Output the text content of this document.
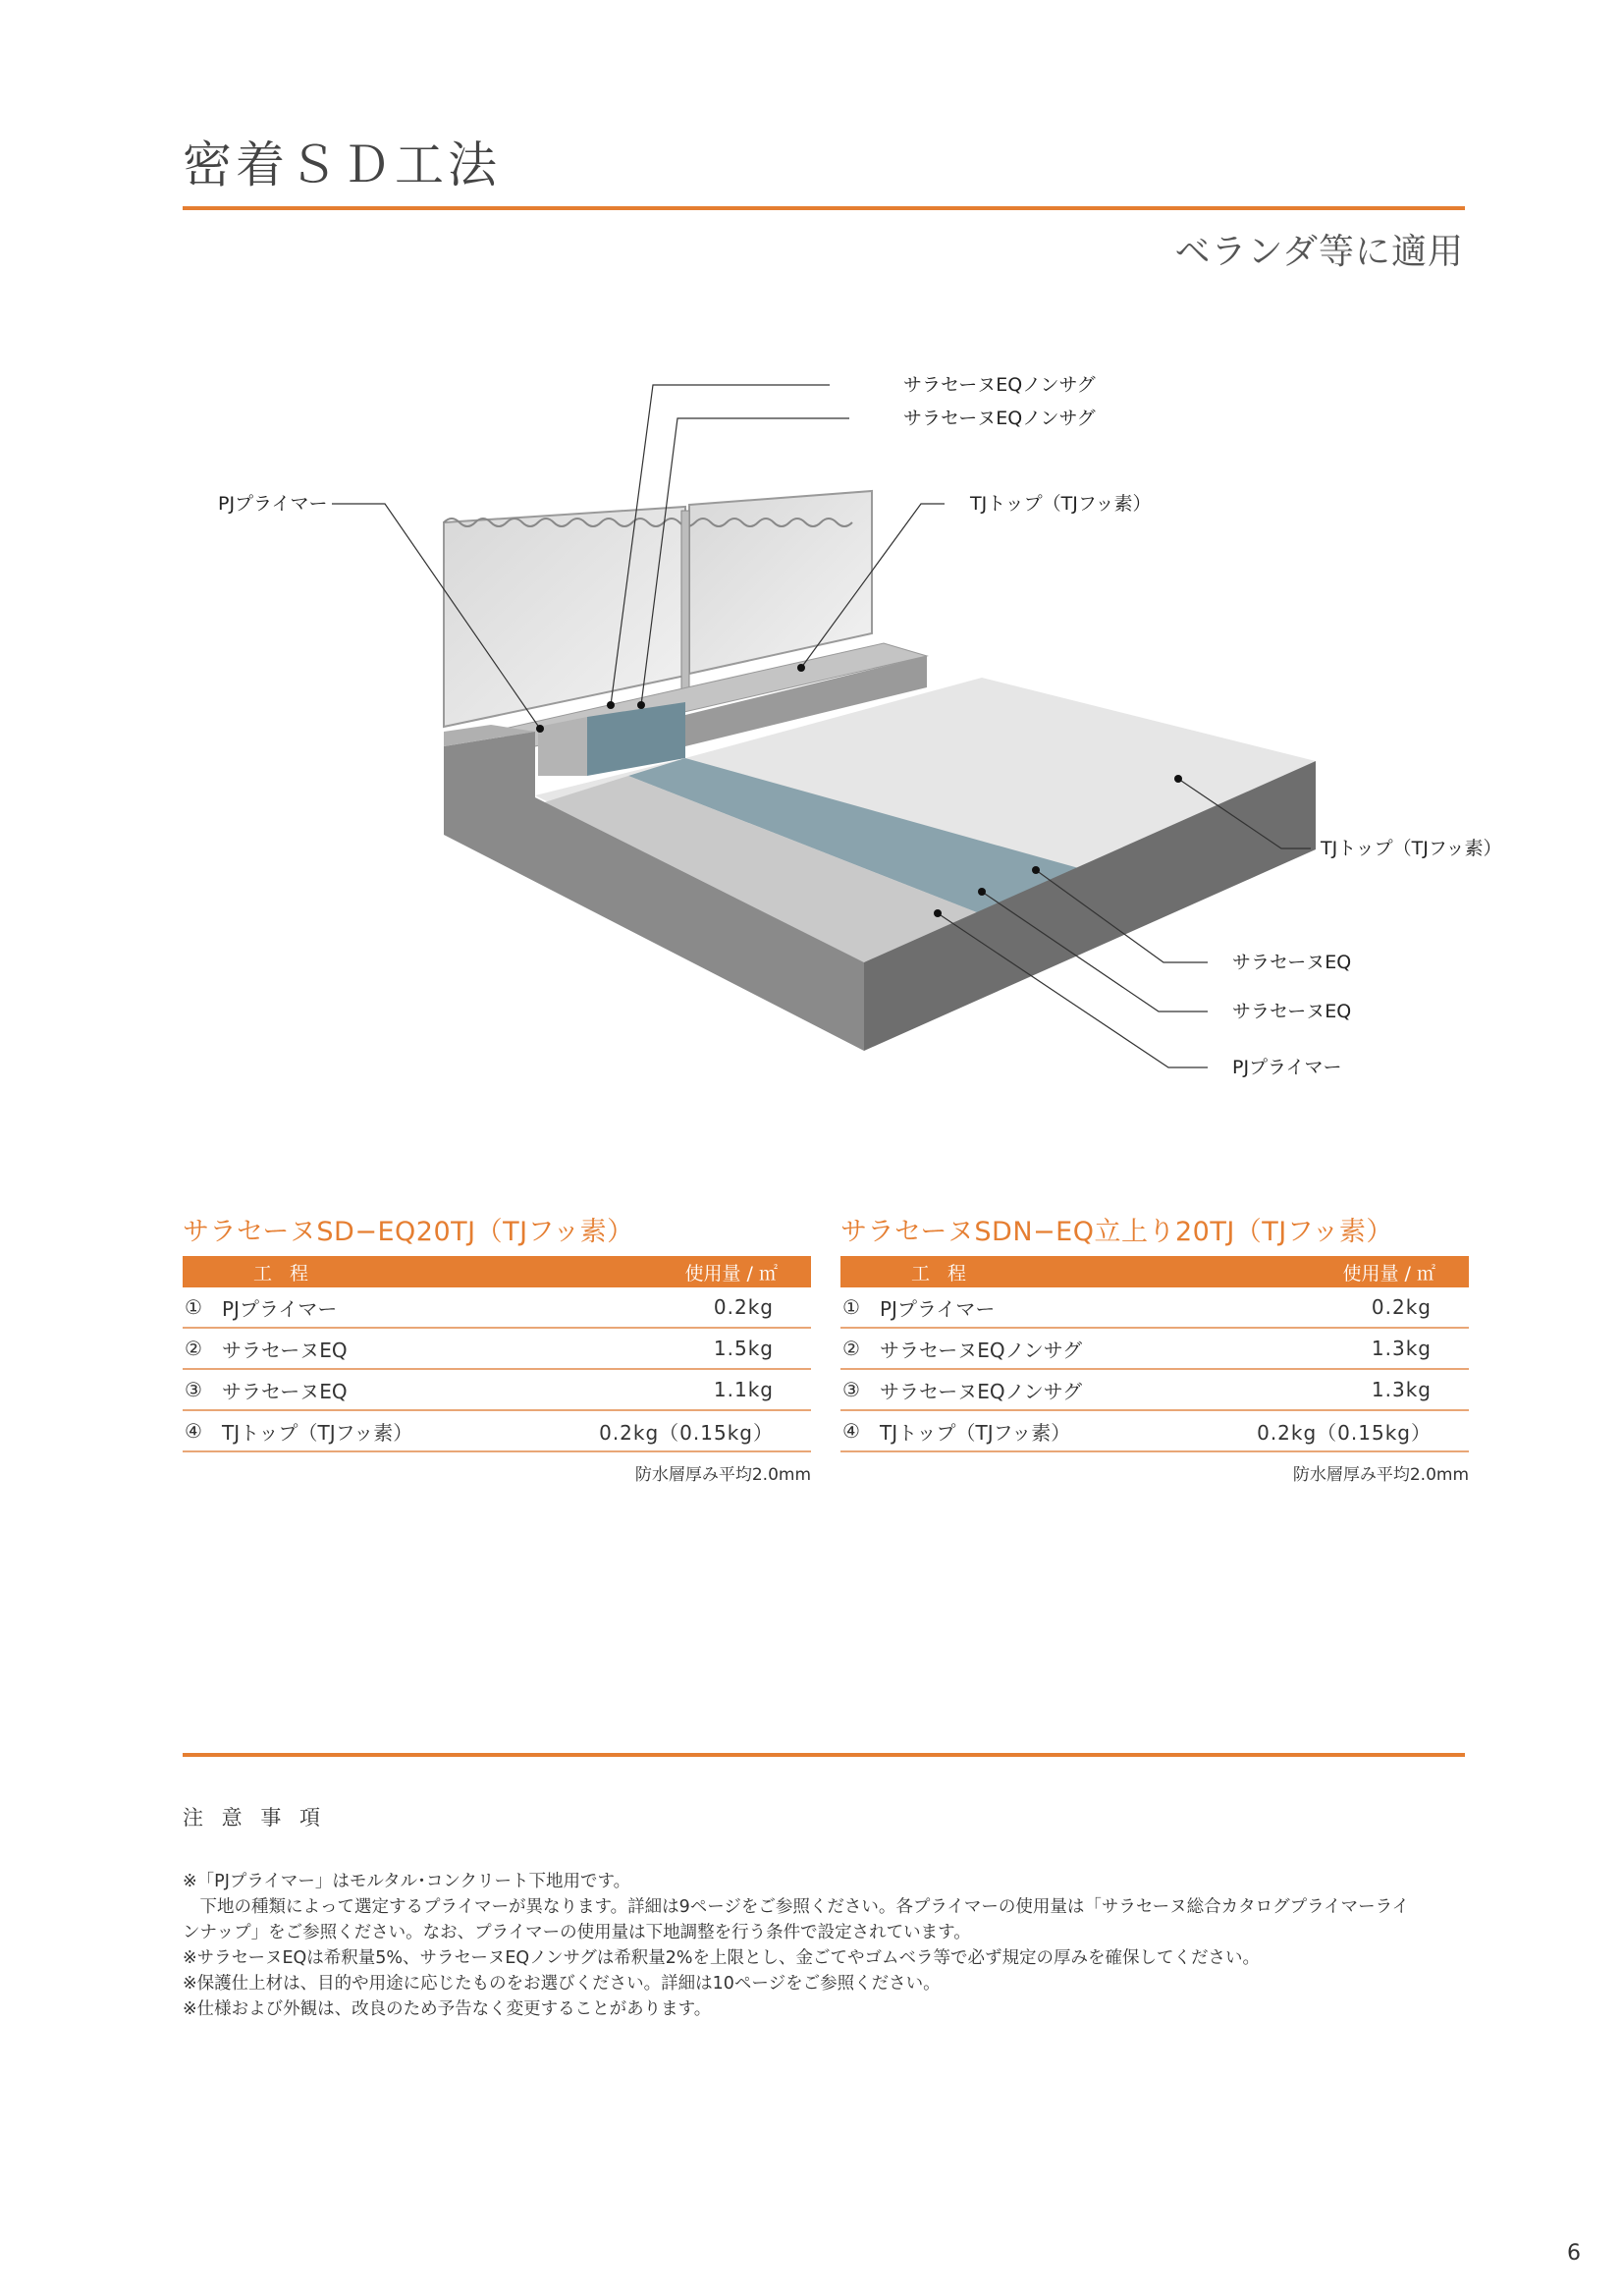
密着ＳＤ工法
ベランダ等に適用
サラセーヌEQノンサグ
サラセーヌEQノンサグ
PJプライマー	TJトップ（TJフッ素）
TJトップ（TJフッ素）
サラセーヌEQ
サラセーヌEQ
PJプライマー
サラセーヌSD−EQ20TJ（TJフッ素）
工 程	使用量 / ㎡
①	PJプライマー	0.2kg
②	サラセーヌEQ	1.5kg
③	サラセーヌEQ	1.1kg
④	TJトップ（TJフッ素）	0.2kg（0.15kg）
防水層厚み平均2.0mm
サラセーヌSDN−EQ立上り20TJ（TJフッ素）
工 程	使用量 / ㎡
①	PJプライマー	0.2kg
②	サラセーヌEQノンサグ	1.3kg
③	サラセーヌEQノンサグ	1.3kg
④	TJトップ（TJフッ素）	0.2kg（0.15kg）
防水層厚み平均2.0mm
注 意 事 項

※「PJプライマー」はモルタル･コンクリート下地用です。

　下地の種類によって選定するプライマーが異なります。詳細は9ページをご参照ください。各プライマーの使用量は「サラセーヌ総合カタログプライマーライ

ンナップ」をご参照ください。なお、プライマーの使用量は下地調整を行う条件で設定されています。

※サラセーヌEQは希釈量5%、サラセーヌEQノンサグは希釈量2%を上限とし、金ごてやゴムベラ等で必ず規定の厚みを確保してください。

※保護仕上材は、目的や用途に応じたものをお選びください。詳細は10ページをご参照ください。

※仕様および外観は、改良のため予告なく変更することがあります。

6
